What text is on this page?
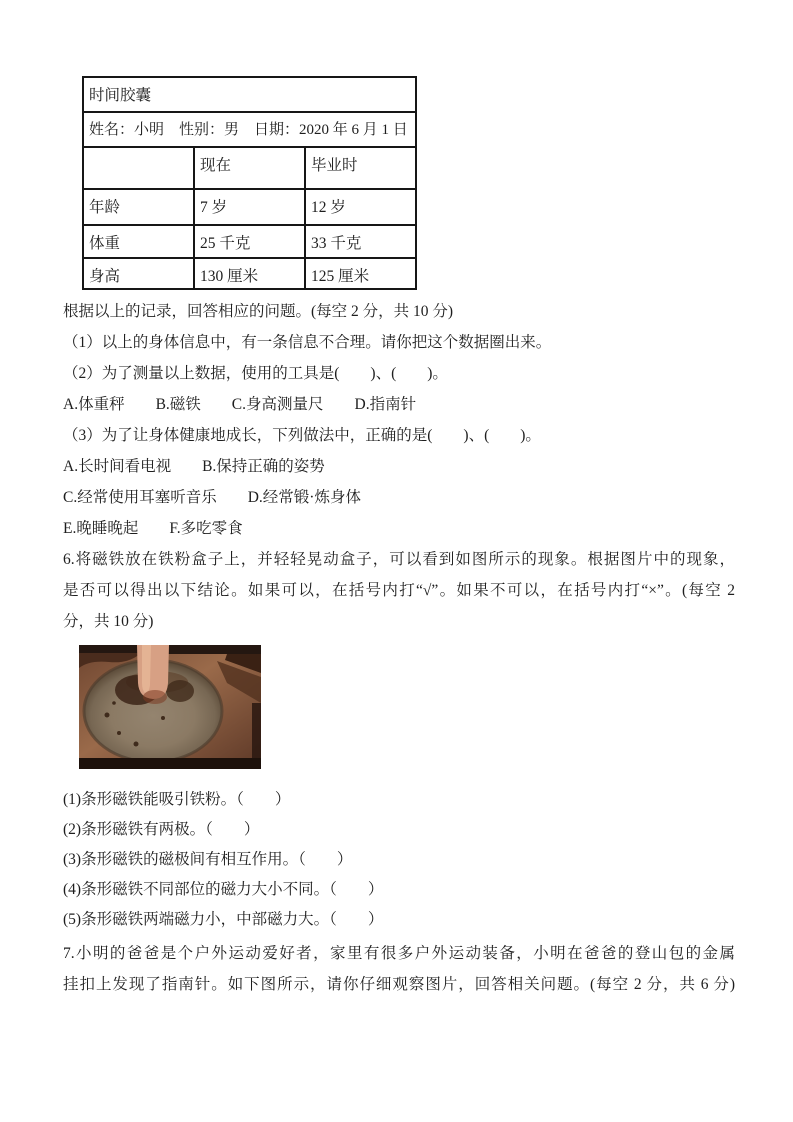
时间胶囊		
姓名：小明　性别：男　日期：2020 年 6 月 1 日		
	现在	毕业时
年龄	7 岁	12 岁
体重	25 千克	33 千克
身高	130 厘米	125 厘米
根据以上的记录，回答相应的问题。(每空 2 分，共 10 分)
（1）以上的身体信息中，有一条信息不合理。请你把这个数据圈出来。
（2）为了测量以上数据，使用的工具是(　　)、(　　)。
A.体重秤　　B.磁铁　　C.身高测量尺　　D.指南针
（3）为了让身体健康地成长，下列做法中，正确的是(　　)、(　　)。
A.长时间看电视　　B.保持正确的姿势
C.经常使用耳塞听音乐　　D.经常锻·炼身体
E.晚睡晚起　　F.多吃零食
6.将磁铁放在铁粉盒子上，并轻轻晃动盒子，可以看到如图所示的现象。根据图片中的现象，
是否可以得出以下结论。如果可以，在括号内打“√”。如果不可以，在括号内打“×”。(每空 2
分，共 10 分)
(1)条形磁铁能吸引铁粉。（　　）
(2)条形磁铁有两极。（　　）
(3)条形磁铁的磁极间有相互作用。（　　）
(4)条形磁铁不同部位的磁力大小不同。（　　）
(5)条形磁铁两端磁力小，中部磁力大。（　　）
7.小明的爸爸是个户外运动爱好者，家里有很多户外运动装备，小明在爸爸的登山包的金属
挂扣上发现了指南针。如下图所示，请你仔细观察图片，回答相关问题。(每空 2 分，共 6 分)
